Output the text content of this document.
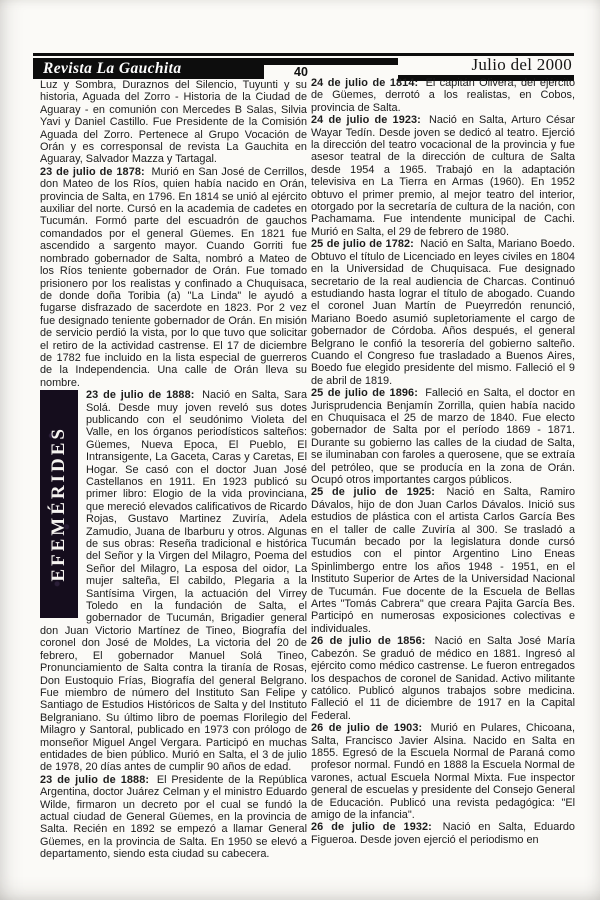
Revista La Gauchita	40	Julio del 2000

Luz y Sombra, Duraznos del Silencio, Tuyunti y su historia, Aguada del Zorro - Historia de la Ciudad de Aguaray - en comunión con Mercedes B Salas, Silvia Yavi y Daniel Castillo. Fue Presidente de la Comisión Aguada del Zorro. Pertenece al Grupo Vocación de Orán y es corresponsal de revista La Gauchita en Aguaray, Salvador Mazza y Tartagal.

23 de julio de 1878: Murió en San José de Cerrillos, don Mateo de los Ríos, quien había nacido en Orán, provincia de Salta, en 1796. En 1814 se unió al ejército auxiliar del norte. Cursó en la academia de cadetes en Tucumán. Formó parte del escuadrón de gauchos comandados por el general Güemes. En 1821 fue ascendido a sargento mayor. Cuando Gorriti fue nombrado gobernador de Salta, nombró a Mateo de los Ríos teniente gobernador de Orán. Fue tomado prisionero por los realistas y confinado a Chuquisaca, de donde doña Toribia (a) "La Linda" le ayudó a fugarse disfrazado de sacerdote en 1823. Por 2 vez fue designado teniente gobernador de Orán. En misión de servicio perdió la vista, por lo que tuvo que solicitar el retiro de la actividad castrense. El 17 de diciembre de 1782 fue incluido en la lista especial de guerreros de la Independencia. Una calle de Orán lleva su nombre.

EFEMÉRIDES

23 de julio de 1888: Nació en Salta, Sara Solá. Desde muy joven reveló sus dotes publicando con el seudónimo Violeta del Valle, en los órganos periodísticos salteños: Güemes, Nueva Epoca, El Pueblo, El Intransigente, La Gaceta, Caras y Caretas, El Hogar. Se casó con el doctor Juan José Castellanos en 1911. En 1923 publicó su primer libro: Elogio de la vida provinciana, que mereció elevados calificativos de Ricardo Rojas, Gustavo Martinez Zuviría, Adela Zamudio, Juana de Ibarburu y otros. Algunas de sus obras: Reseña tradicional e histórica del Señor y la Virgen del Milagro, Poema del Señor del Milagro, La esposa del oidor, La mujer salteña, El cabildo, Plegaria a la Santísima Virgen, la actuación del Virrey Toledo en la fundación de Salta, el gobernador de Tucumán, Brigadier general don Juan Victorio Martínez de Tineo, Biografía del coronel don José de Moldes, La victoria del 20 de febrero, El gobernador Manuel Solá Tineo, Pronunciamiento de Salta contra la tiranía de Rosas, Don Eustoquio Frías, Biografía del general Belgrano. Fue miembro de número del Instituto San Felipe y Santiago de Estudios Históricos de Salta y del Instituto Belgraniano. Su último libro de poemas Florilegio del Milagro y Santoral, publicado en 1973 con prólogo de monseñor Miguel Angel Vergara. Participó en muchas entidades de bien público. Murió en Salta, el 3 de julio de 1978, 20 días antes de cumplir 90 años de edad.

23 de julio de 1888: El Presidente de la República Argentina, doctor Juárez Celman y el ministro Eduardo Wilde, firmaron un decreto por el cual se fundó la actual ciudad de General Güemes, en la provincia de Salta. Recién en 1892 se empezó a llamar General Güemes, en la provincia de Salta. En 1950 se elevó a departamento, siendo esta ciudad su cabecera.

24 de julio de 1814: El capitán Olivera, del ejército de Güemes, derrotó a los realistas, en Cobos, provincia de Salta.

24 de julio de 1923: Nació en Salta, Arturo César Wayar Tedín. Desde joven se dedicó al teatro. Ejerció la dirección del teatro vocacional de la provincia y fue asesor teatral de la dirección de cultura de Salta desde 1954 a 1965. Trabajó en la adaptación televisiva en La Tierra en Armas (1960). En 1952 obtuvo el primer premio, al mejor teatro del interior, otorgado por la secretaría de cultura de la nación, con Pachamama. Fue intendente municipal de Cachi. Murió en Salta, el 29 de febrero de 1980.

25 de julio de 1782: Nació en Salta, Mariano Boedo. Obtuvo el título de Licenciado en leyes civiles en 1804 en la Universidad de Chuquisaca. Fue designado secretario de la real audiencia de Charcas. Continuó estudiando hasta lograr el título de abogado. Cuando el coronel Juan Martín de Pueyrredón renunció, Mariano Boedo asumió supletoriamente el cargo de gobernador de Córdoba. Años después, el general Belgrano le confió la tesorería del gobierno salteño. Cuando el Congreso fue trasladado a Buenos Aires, Boedo fue elegido presidente del mismo. Falleció el 9 de abril de 1819.

25 de julio de 1896: Falleció en Salta, el doctor en Jurisprudencia Benjamín Zorrilla, quien había nacido en Chuquisaca el 25 de marzo de 1840. Fue electo gobernador de Salta por el período 1869 - 1871. Durante su gobierno las calles de la ciudad de Salta, se iluminaban con faroles a querosene, que se extraía del petróleo, que se producía en la zona de Orán. Ocupó otros importantes cargos públicos.

25 de julio de 1925: Nació en Salta, Ramiro Dávalos, hijo de don Juan Carlos Dávalos. Inició sus estudios de plástica con el artista Carlos García Bes en el taller de calle Zuviría al 300. Se trasladó a Tucumán becado por la legislatura donde cursó estudios con el pintor Argentino Lino Eneas Spinlimbergo entre los años 1948 - 1951, en el Instituto Superior de Artes de la Universidad Nacional de Tucumán. Fue docente de la Escuela de Bellas Artes "Tomás Cabrera" que creara Pajita García Bes. Participó en numerosas exposiciones colectivas e individuales.

26 de julio de 1856: Nació en Salta José María Cabezón. Se graduó de médico en 1881. Ingresó al ejército como médico castrense. Le fueron entregados los despachos de coronel de Sanidad. Activo militante católico. Publicó algunos trabajos sobre medicina. Falleció el 11 de diciembre de 1917 en la Capital Federal.

26 de julio de 1903: Murió en Pulares, Chicoana, Salta, Francisco Javier Alsina. Nacido en Salta en 1855. Egresó de la Escuela Normal de Paraná como profesor normal. Fundó en 1888 la Escuela Normal de varones, actual Escuela Normal Mixta. Fue inspector general de escuelas y presidente del Consejo General de Educación. Publicó una revista pedagógica: "El amigo de la infancia".

26 de julio de 1932: Nació en Salta, Eduardo Figueroa. Desde joven ejerció el periodismo en
